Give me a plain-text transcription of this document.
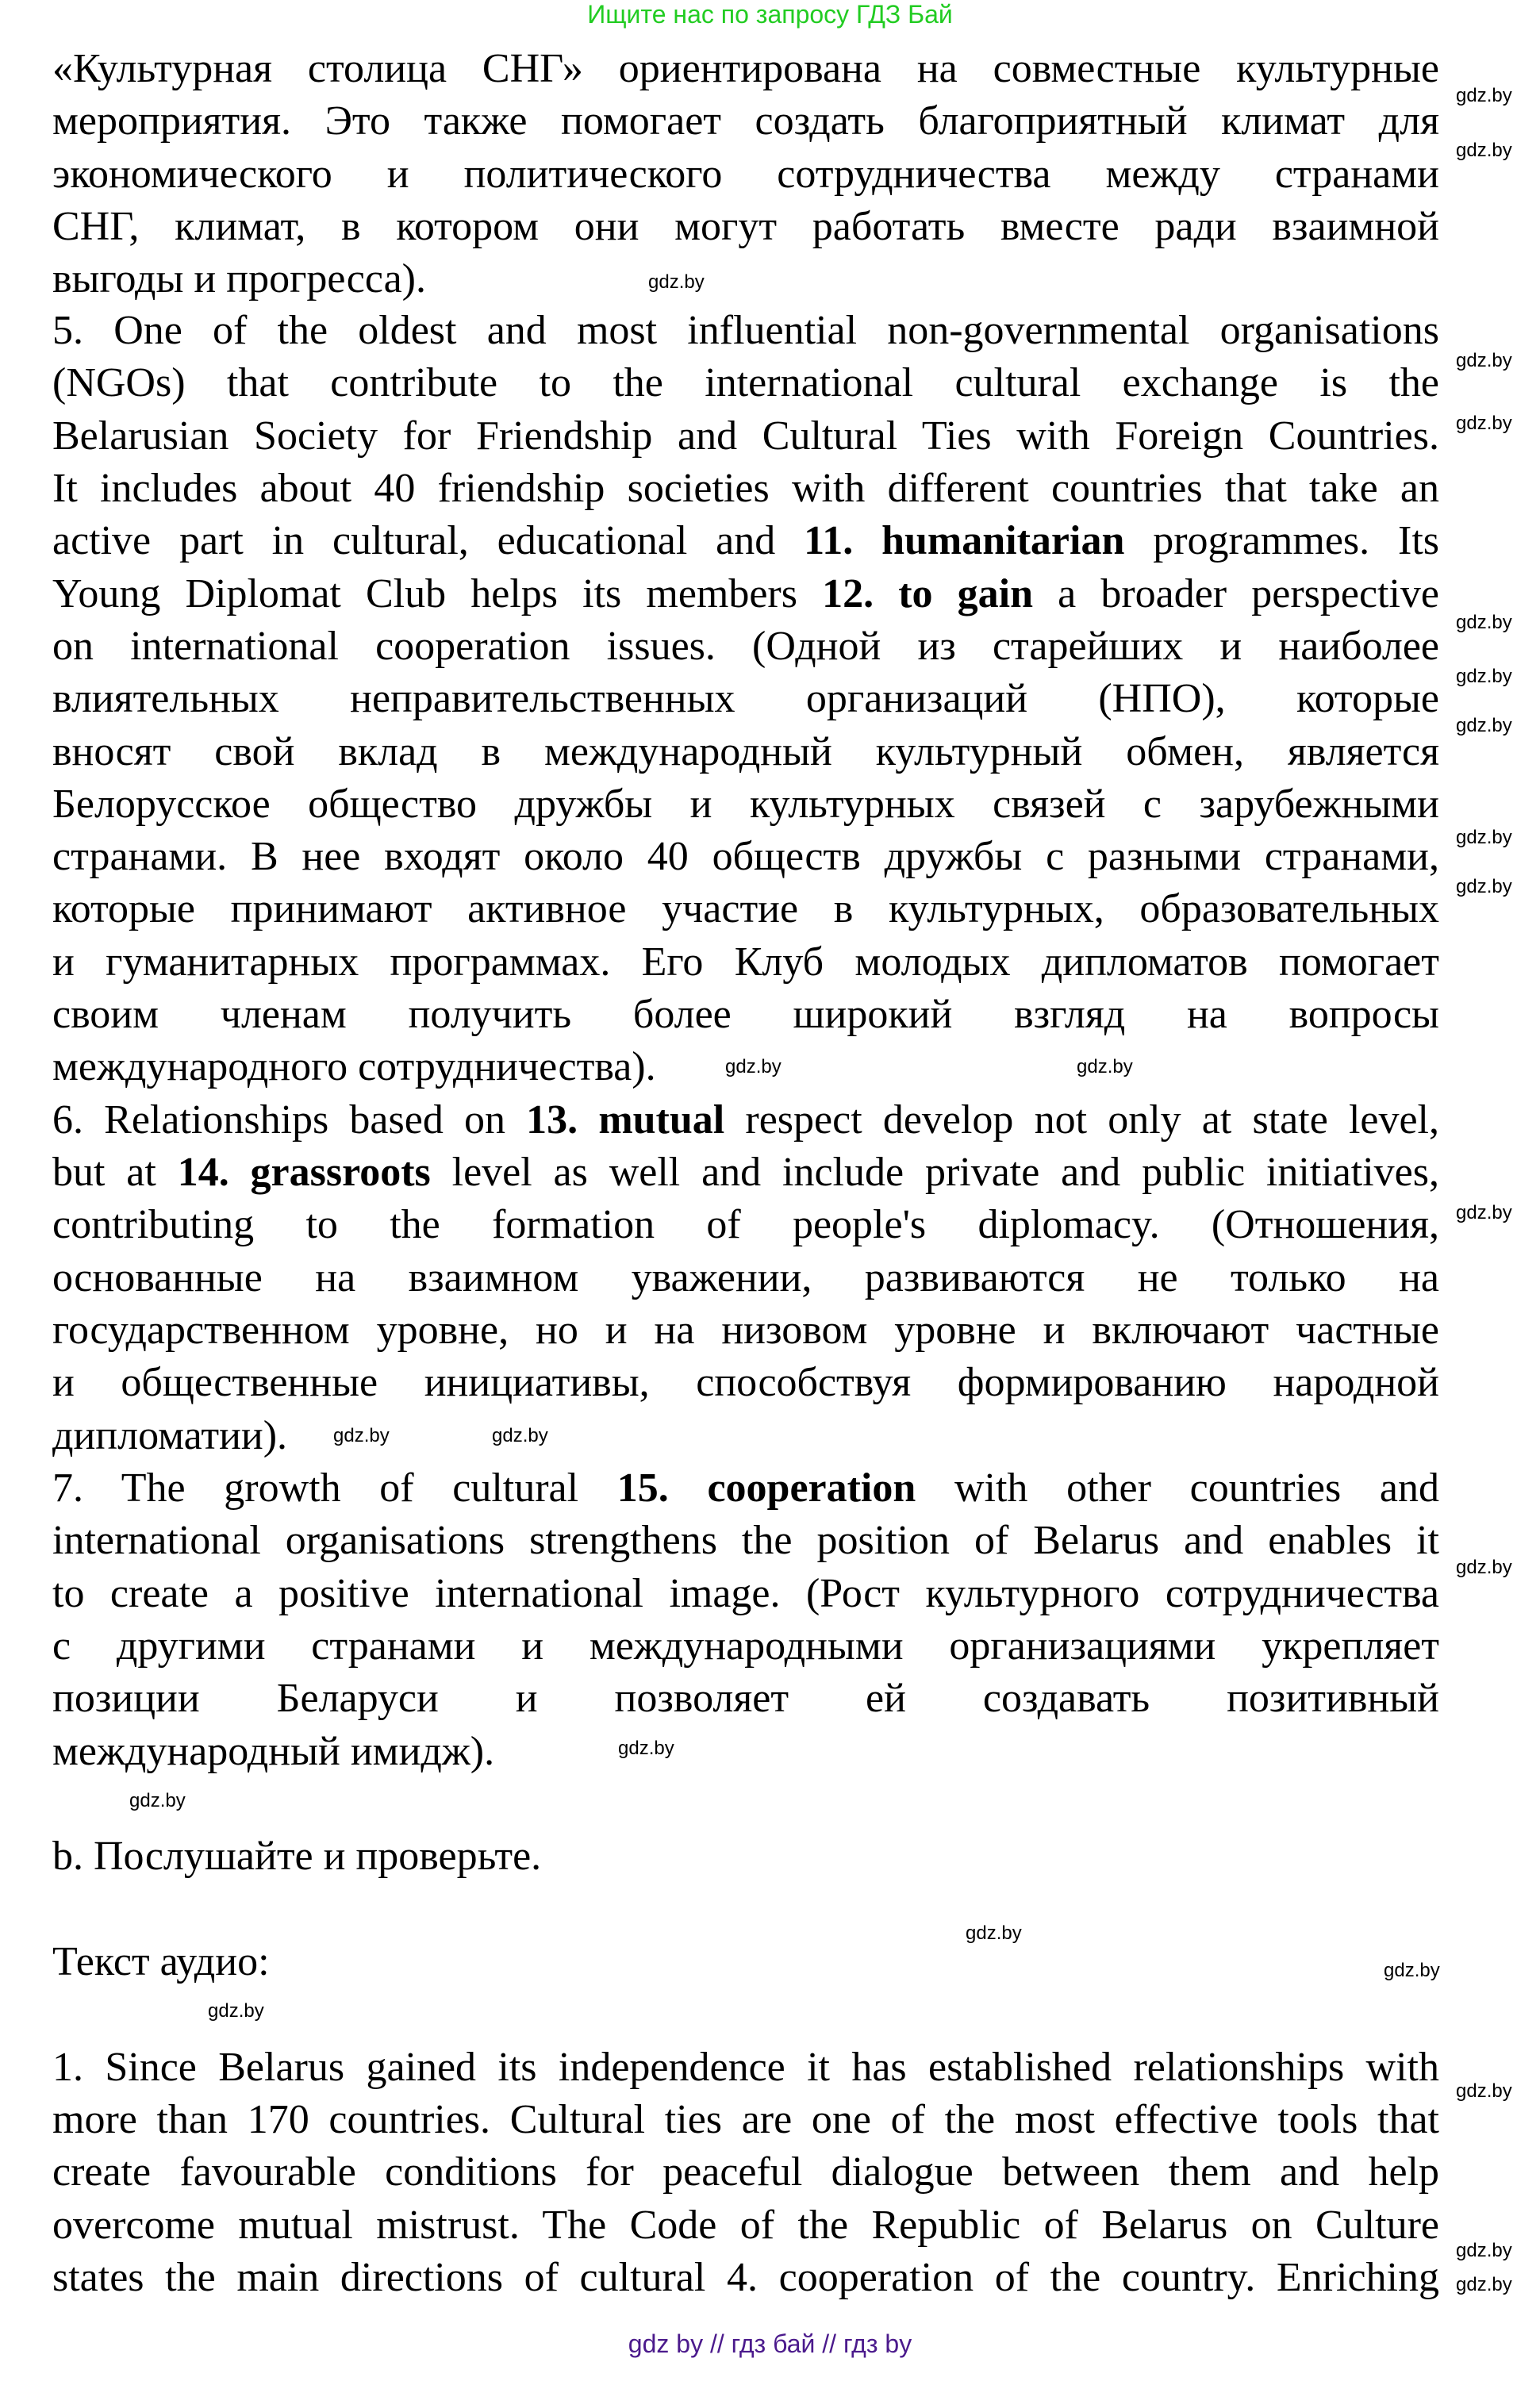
Ищите нас по запросу ГДЗ Бай
«Культурная столица СНГ» ориентирована на совместные культурные
мероприятия. Это также помогает создать благоприятный климат для
экономического и политического сотрудничества между странами
СНГ, климат, в котором они могут работать вместе ради взаимной
выгоды и прогресса).
5. One of the oldest and most influential non-governmental organisations
(NGOs) that contribute to the international cultural exchange is the
Belarusian Society for Friendship and Cultural Ties with Foreign Countries.
It includes about 40 friendship societies with different countries that take an
active part in cultural, educational and 11. humanitarian programmes. Its
Young Diplomat Club helps its members 12. to gain a broader perspective
on international cooperation issues. (Одной из старейших и наиболее
влиятельных неправительственных организаций (НПО), которые
вносят свой вклад в международный культурный обмен, является
Белорусское общество дружбы и культурных связей с зарубежными
странами. В нее входят около 40 обществ дружбы с разными странами,
которые принимают активное участие в культурных, образовательных
и гуманитарных программах. Его Клуб молодых дипломатов помогает
своим членам получить более широкий взгляд на вопросы
международного сотрудничества).
6. Relationships based on 13. mutual respect develop not only at state level,
but at 14. grassroots level as well and include private and public initiatives,
contributing to the formation of people's diplomacy. (Отношения,
основанные на взаимном уважении, развиваются не только на
государственном уровне, но и на низовом уровне и включают частные
и общественные инициативы, способствуя формированию народной
дипломатии).
7. The growth of cultural 15. cooperation with other countries and
international organisations strengthens the position of Belarus and enables it
to create a positive international image. (Рост культурного сотрудничества
с другими странами и международными организациями укрепляет
позиции Беларуси и позволяет ей создавать позитивный
международный имидж).
b. Послушайте и проверьте.
Текст аудио:
1. Since Belarus gained its independence it has established relationships with
more than 170 countries. Cultural ties are one of the most effective tools that
create favourable conditions for peaceful dialogue between them and help
overcome mutual mistrust. The Code of the Republic of Belarus on Culture
states the main directions of cultural 4. cooperation of the country. Enriching
gdz.by
gdz.by
gdz.by
gdz.by
gdz.by
gdz.by
gdz.by
gdz.by
gdz.by
gdz.by
gdz.by	gdz.by
gdz.by
gdz.by
gdz.by
gdz.by
gdz.by
gdz.by
gdz.by
gdz.by
gdz.by
gdz.by
gdz.by
gdz.by
gdz by // гдз бай // гдз by
